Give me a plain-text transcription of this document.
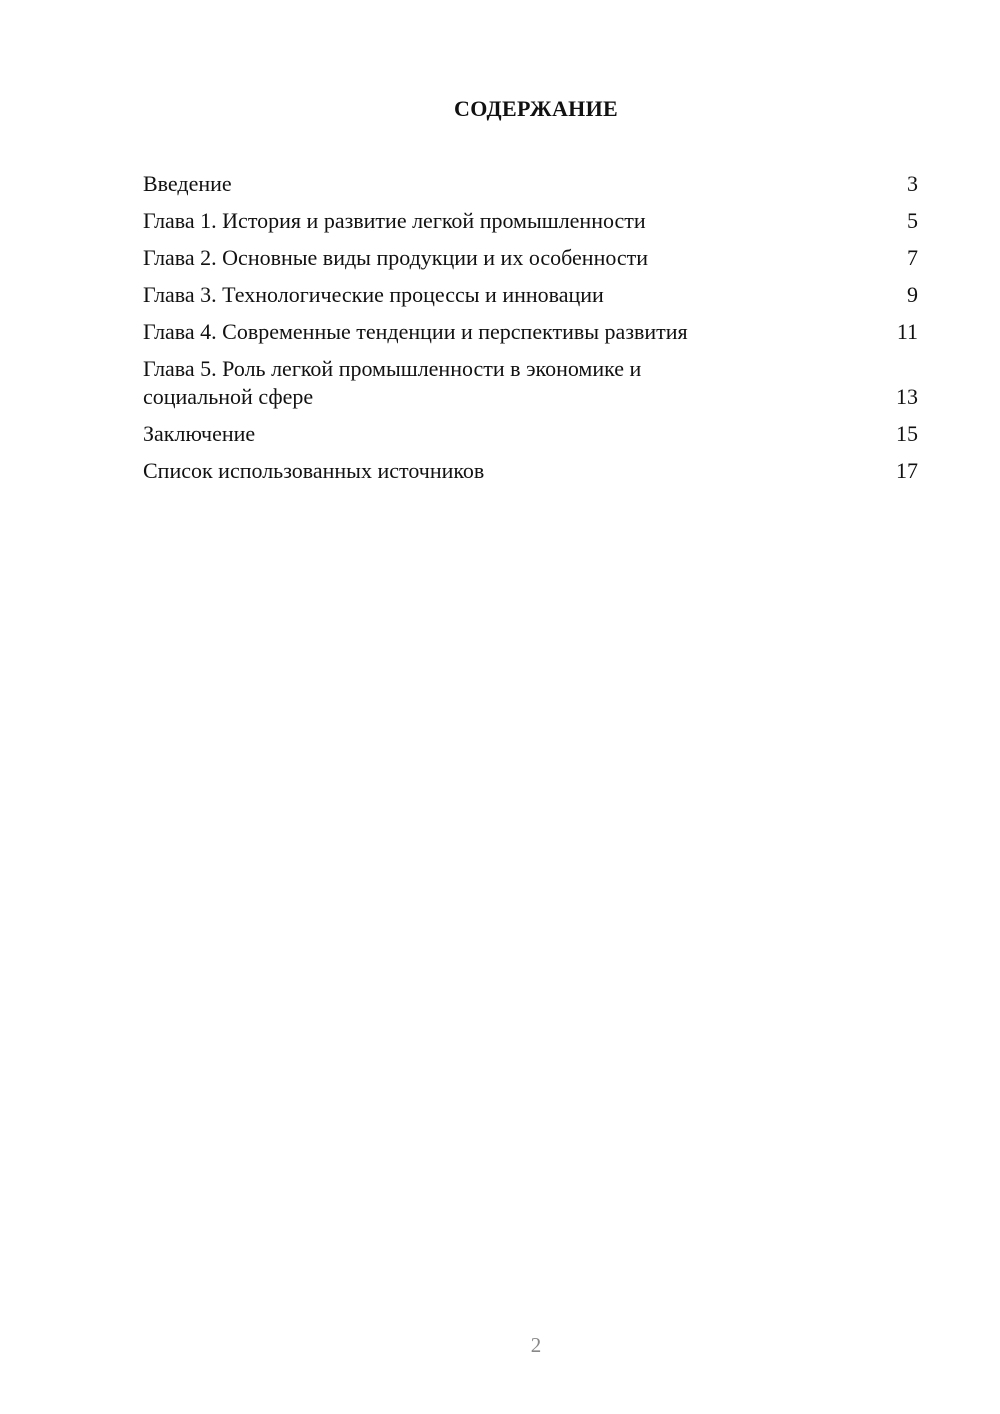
СОДЕРЖАНИЕ
Введение	3
Глава 1. История и развитие легкой промышленности	5
Глава 2. Основные виды продукции и их особенности	7
Глава 3. Технологические процессы и инновации	9
Глава 4. Современные тенденции и перспективы развития	11
Глава 5. Роль легкой промышленности в экономике и социальной сфере	13
Заключение	15
Список использованных источников	17
2
